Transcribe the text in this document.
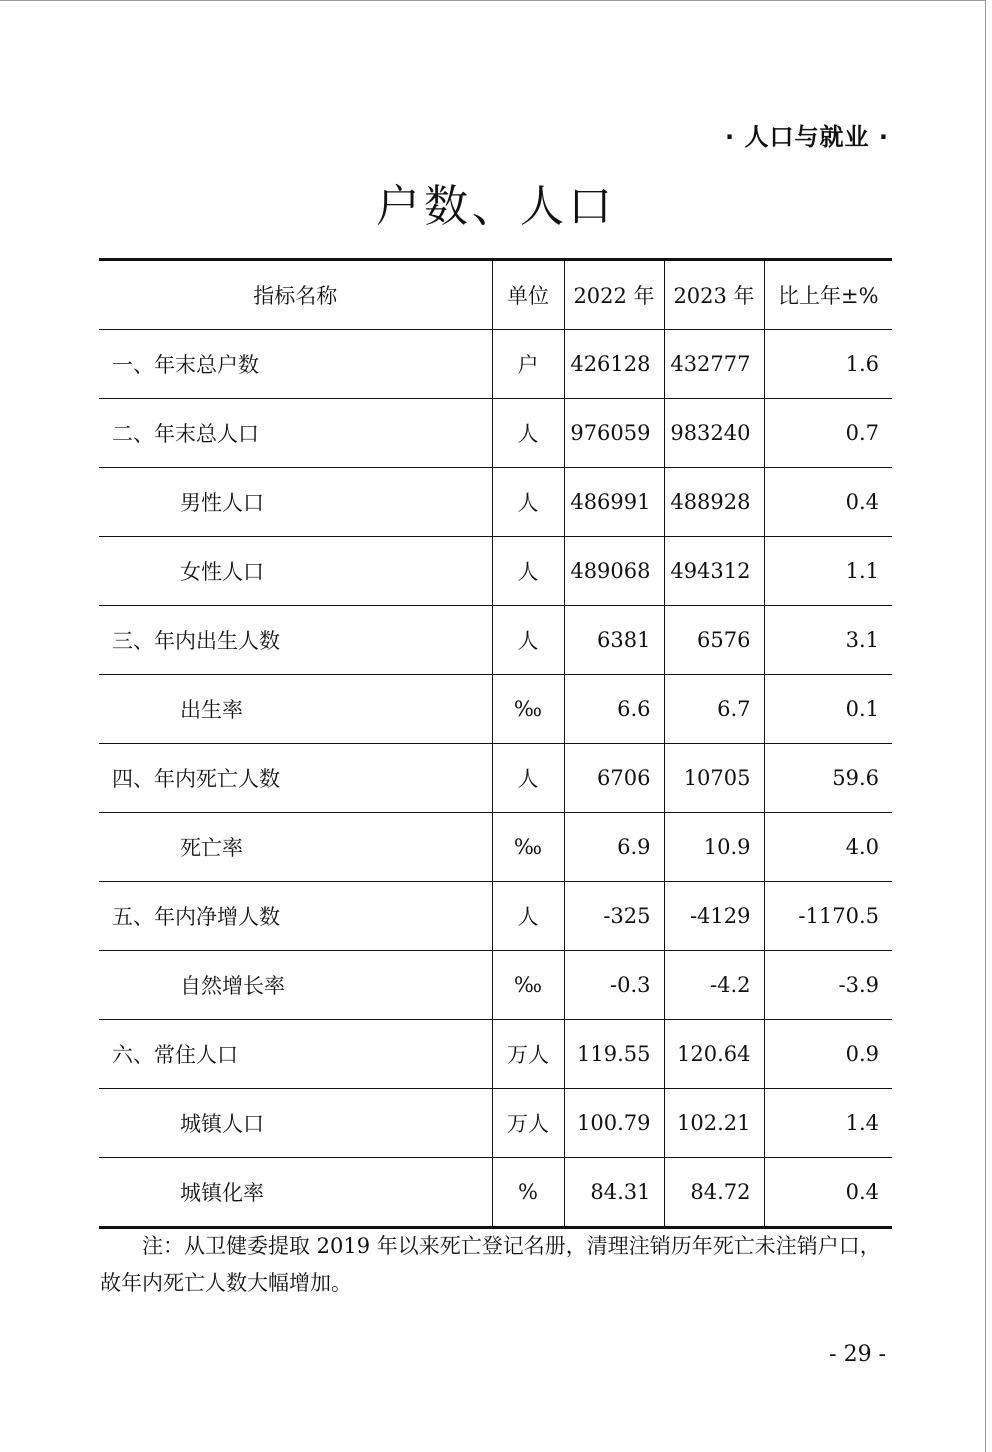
· 人口与就业 ·
户数、人口
指标名称	单位	2022 年	2023 年	比上年±%
一、年末总户数	户	426128	432777	1.6
二、年末总人口	人	976059	983240	0.7
男性人口	人	486991	488928	0.4
女性人口	人	489068	494312	1.1
三、年内出生人数	人	6381	6576	3.1
出生率	‰	6.6	6.7	0.1
四、年内死亡人数	人	6706	10705	59.6
死亡率	‰	6.9	10.9	4.0
五、年内净增人数	人	-325	-4129	-1170.5
自然增长率	‰	-0.3	-4.2	-3.9
六、常住人口	万人	119.55	120.64	0.9
城镇人口	万人	100.79	102.21	1.4
城镇化率	%	84.31	84.72	0.4
注：从卫健委提取 2019 年以来死亡登记名册，清理注销历年死亡未注销户口，故年内死亡人数大幅增加。
- 29 -
